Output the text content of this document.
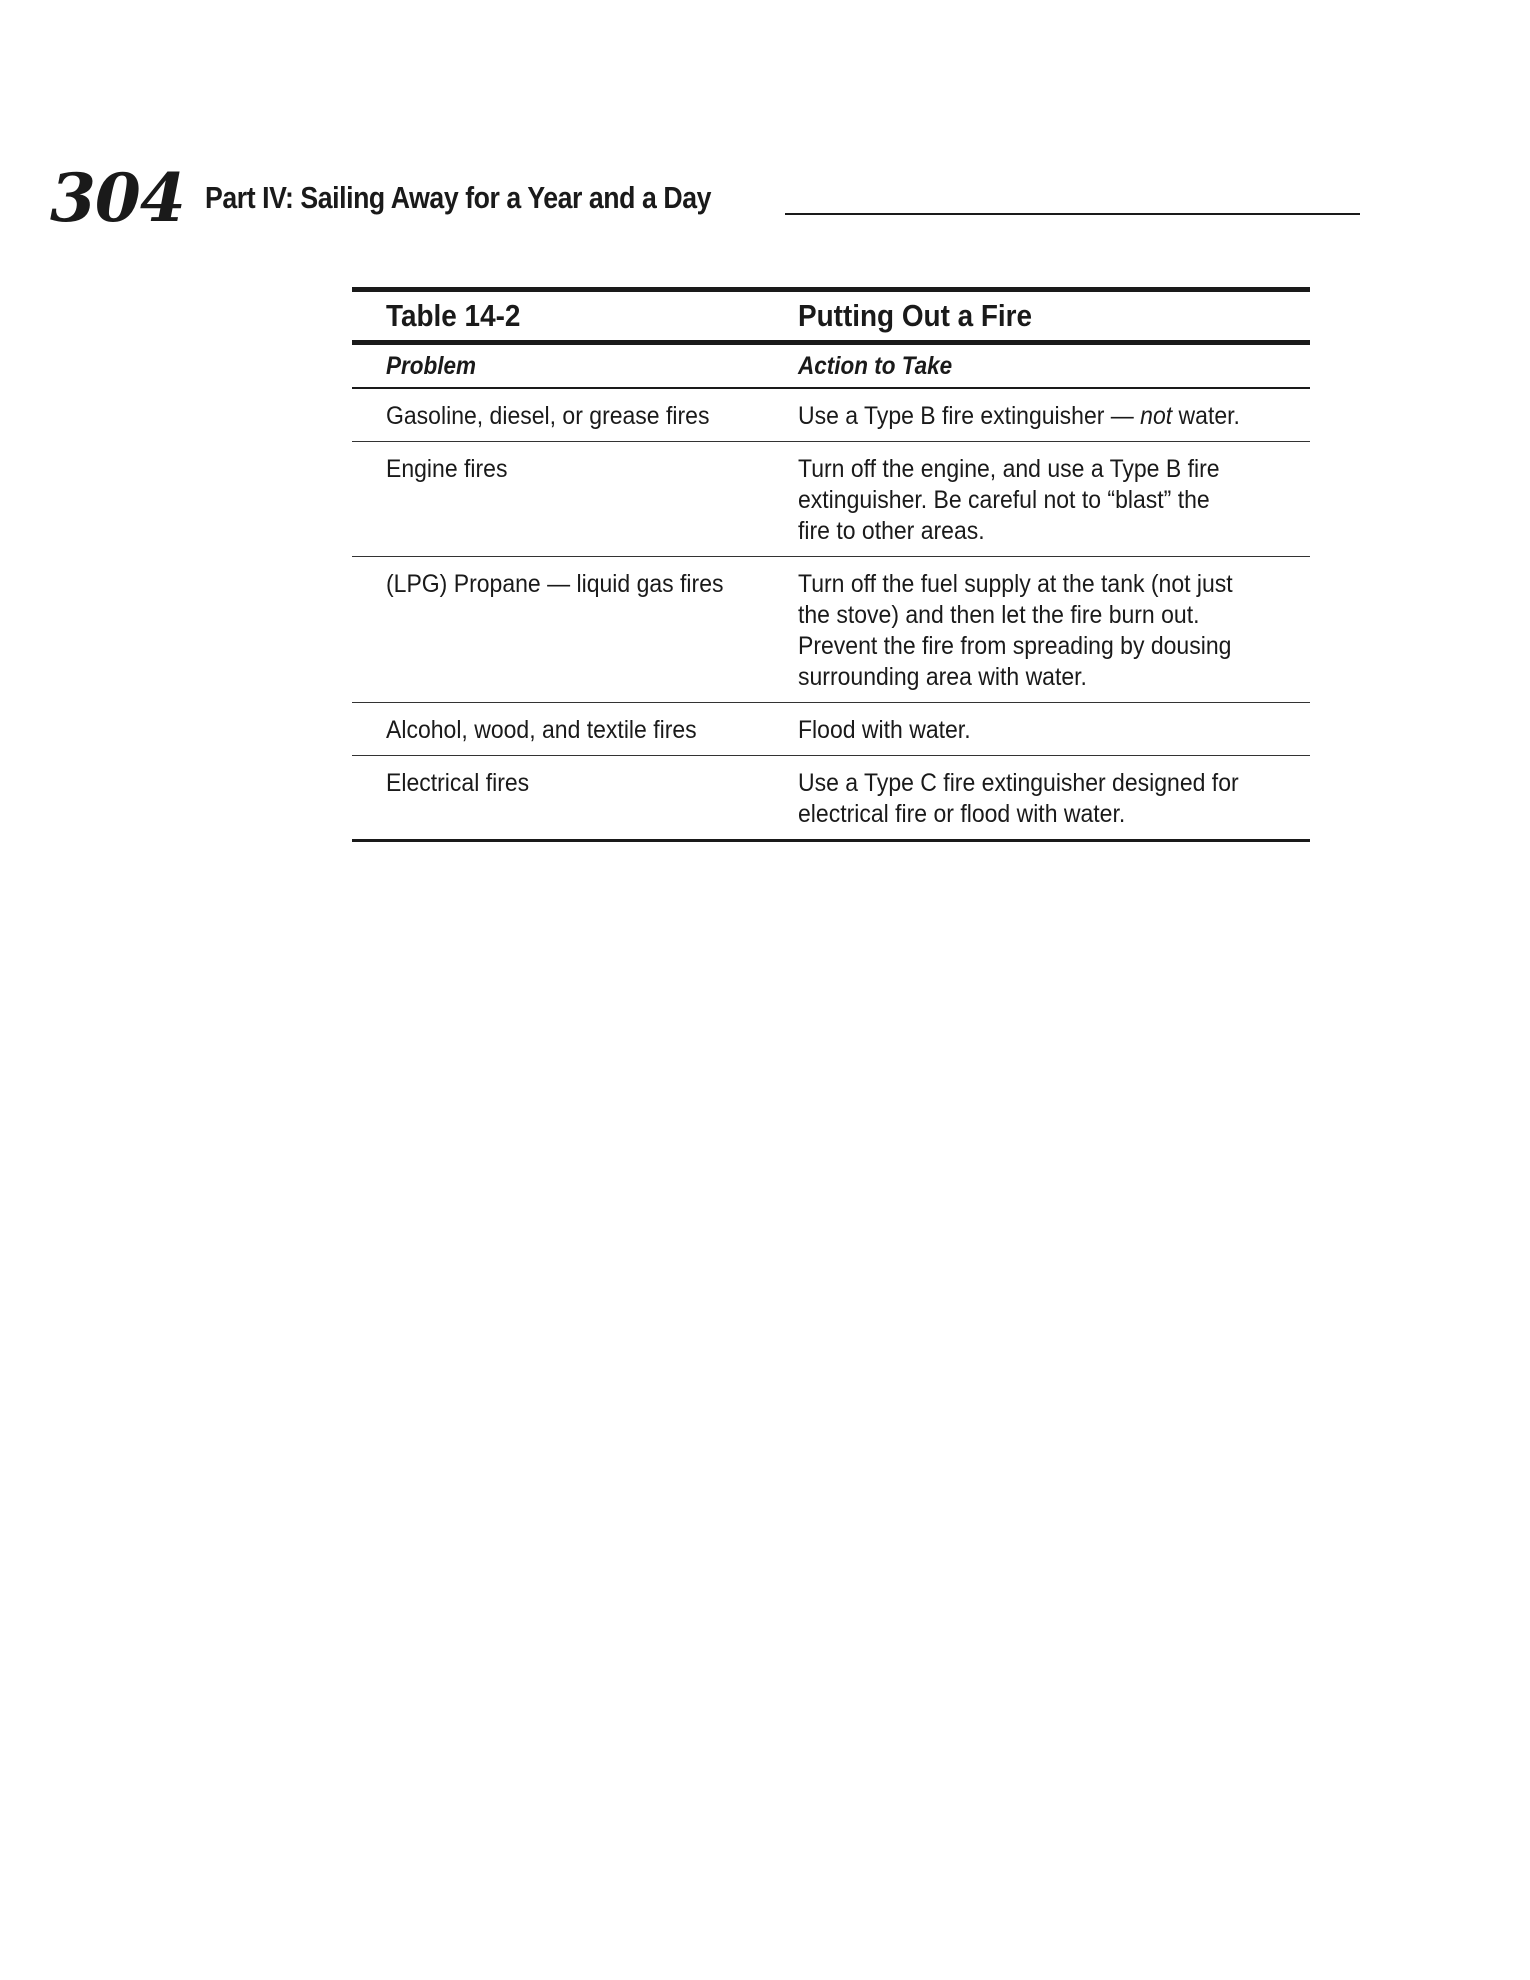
304 Part IV: Sailing Away for a Year and a Day
Table 14-2	Putting Out a Fire
Problem	Action to Take
Gasoline, diesel, or grease fires	Use a Type B fire extinguisher — not water.
Engine fires	Turn off the engine, and use a Type B fire extinguisher. Be careful not to “blast” the fire to other areas.
(LPG) Propane — liquid gas fires	Turn off the fuel supply at the tank (not just the stove) and then let the fire burn out. Prevent the fire from spreading by dousing surrounding area with water.
Alcohol, wood, and textile fires	Flood with water.
Electrical fires	Use a Type C fire extinguisher designed for electrical fire or flood with water.
